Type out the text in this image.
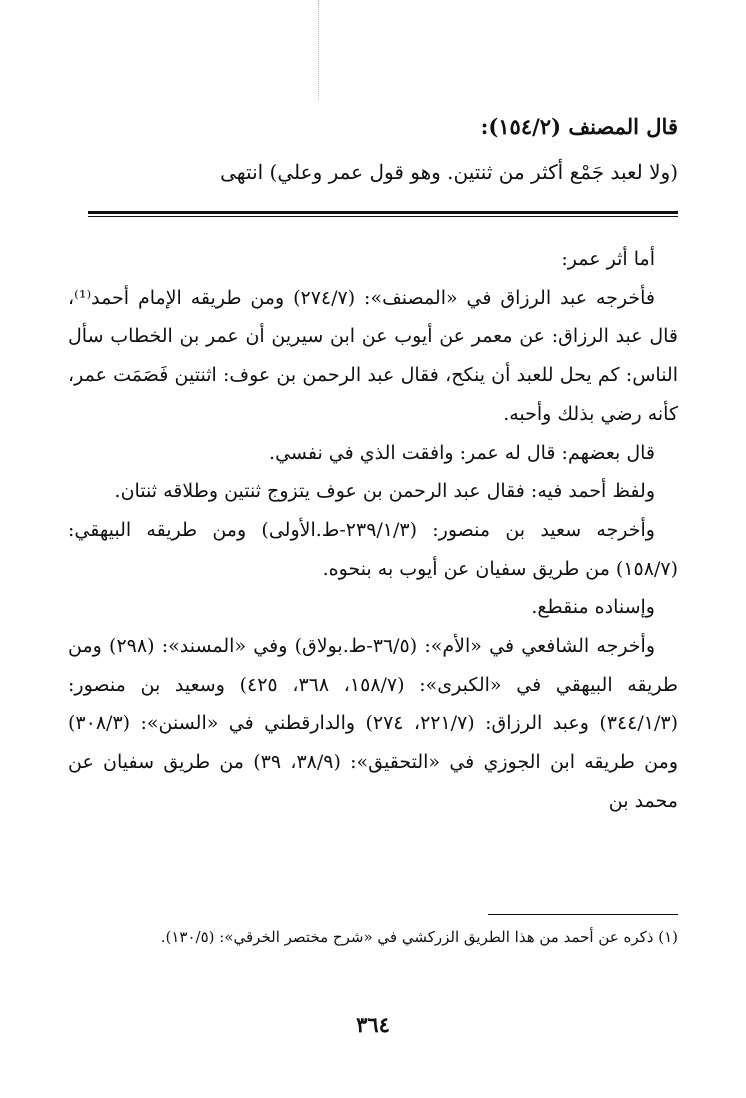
قال المصنف (١٥٤/٢):
(ولا لعبد جَمْع أكثر من ثنتين. وهو قول عمر وعلي) انتهى

أما أثر عمر:

فأخرجه عبد الرزاق في «المصنف»: (٢٧٤/٧) ومن طريقه الإمام أحمد⁽¹⁾، قال عبد الرزاق: عن معمر عن أيوب عن ابن سيرين أن عمر بن الخطاب سأل الناس: كم يحل للعبد أن ينكح، فقال عبد الرحمن بن عوف: اثنتين فَصَمَت عمر، كأنه رضي بذلك وأحبه.

قال بعضهم: قال له عمر: وافقت الذي في نفسي.

ولفظ أحمد فيه: فقال عبد الرحمن بن عوف يتزوج ثنتين وطلاقه ثنتان.

وأخرجه سعيد بن منصور: (٢٣٩/١/٣-ط.الأولى) ومن طريقه البيهقي: (١٥٨/٧) من طريق سفيان عن أيوب به بنحوه.

وإسناده منقطع.

وأخرجه الشافعي في «الأم»: (٣٦/٥-ط.بولاق) وفي «المسند»: (٢٩٨) ومن طريقه البيهقي في «الكبرى»: (١٥٨/٧، ٣٦٨، ٤٢٥) وسعيد بن منصور: (٣٤٤/١/٣) وعبد الرزاق: (٢٢١/٧، ٢٧٤) والدارقطني في «السنن»: (٣٠٨/٣) ومن طريقه ابن الجوزي في «التحقيق»: (٣٨/٩، ٣٩) من طريق سفيان عن محمد بن

(١) ذكره عن أحمد من هذا الطريق الزركشي في «شرح مختصر الخرقي»: (١٣٠/٥).
٣٦٤
